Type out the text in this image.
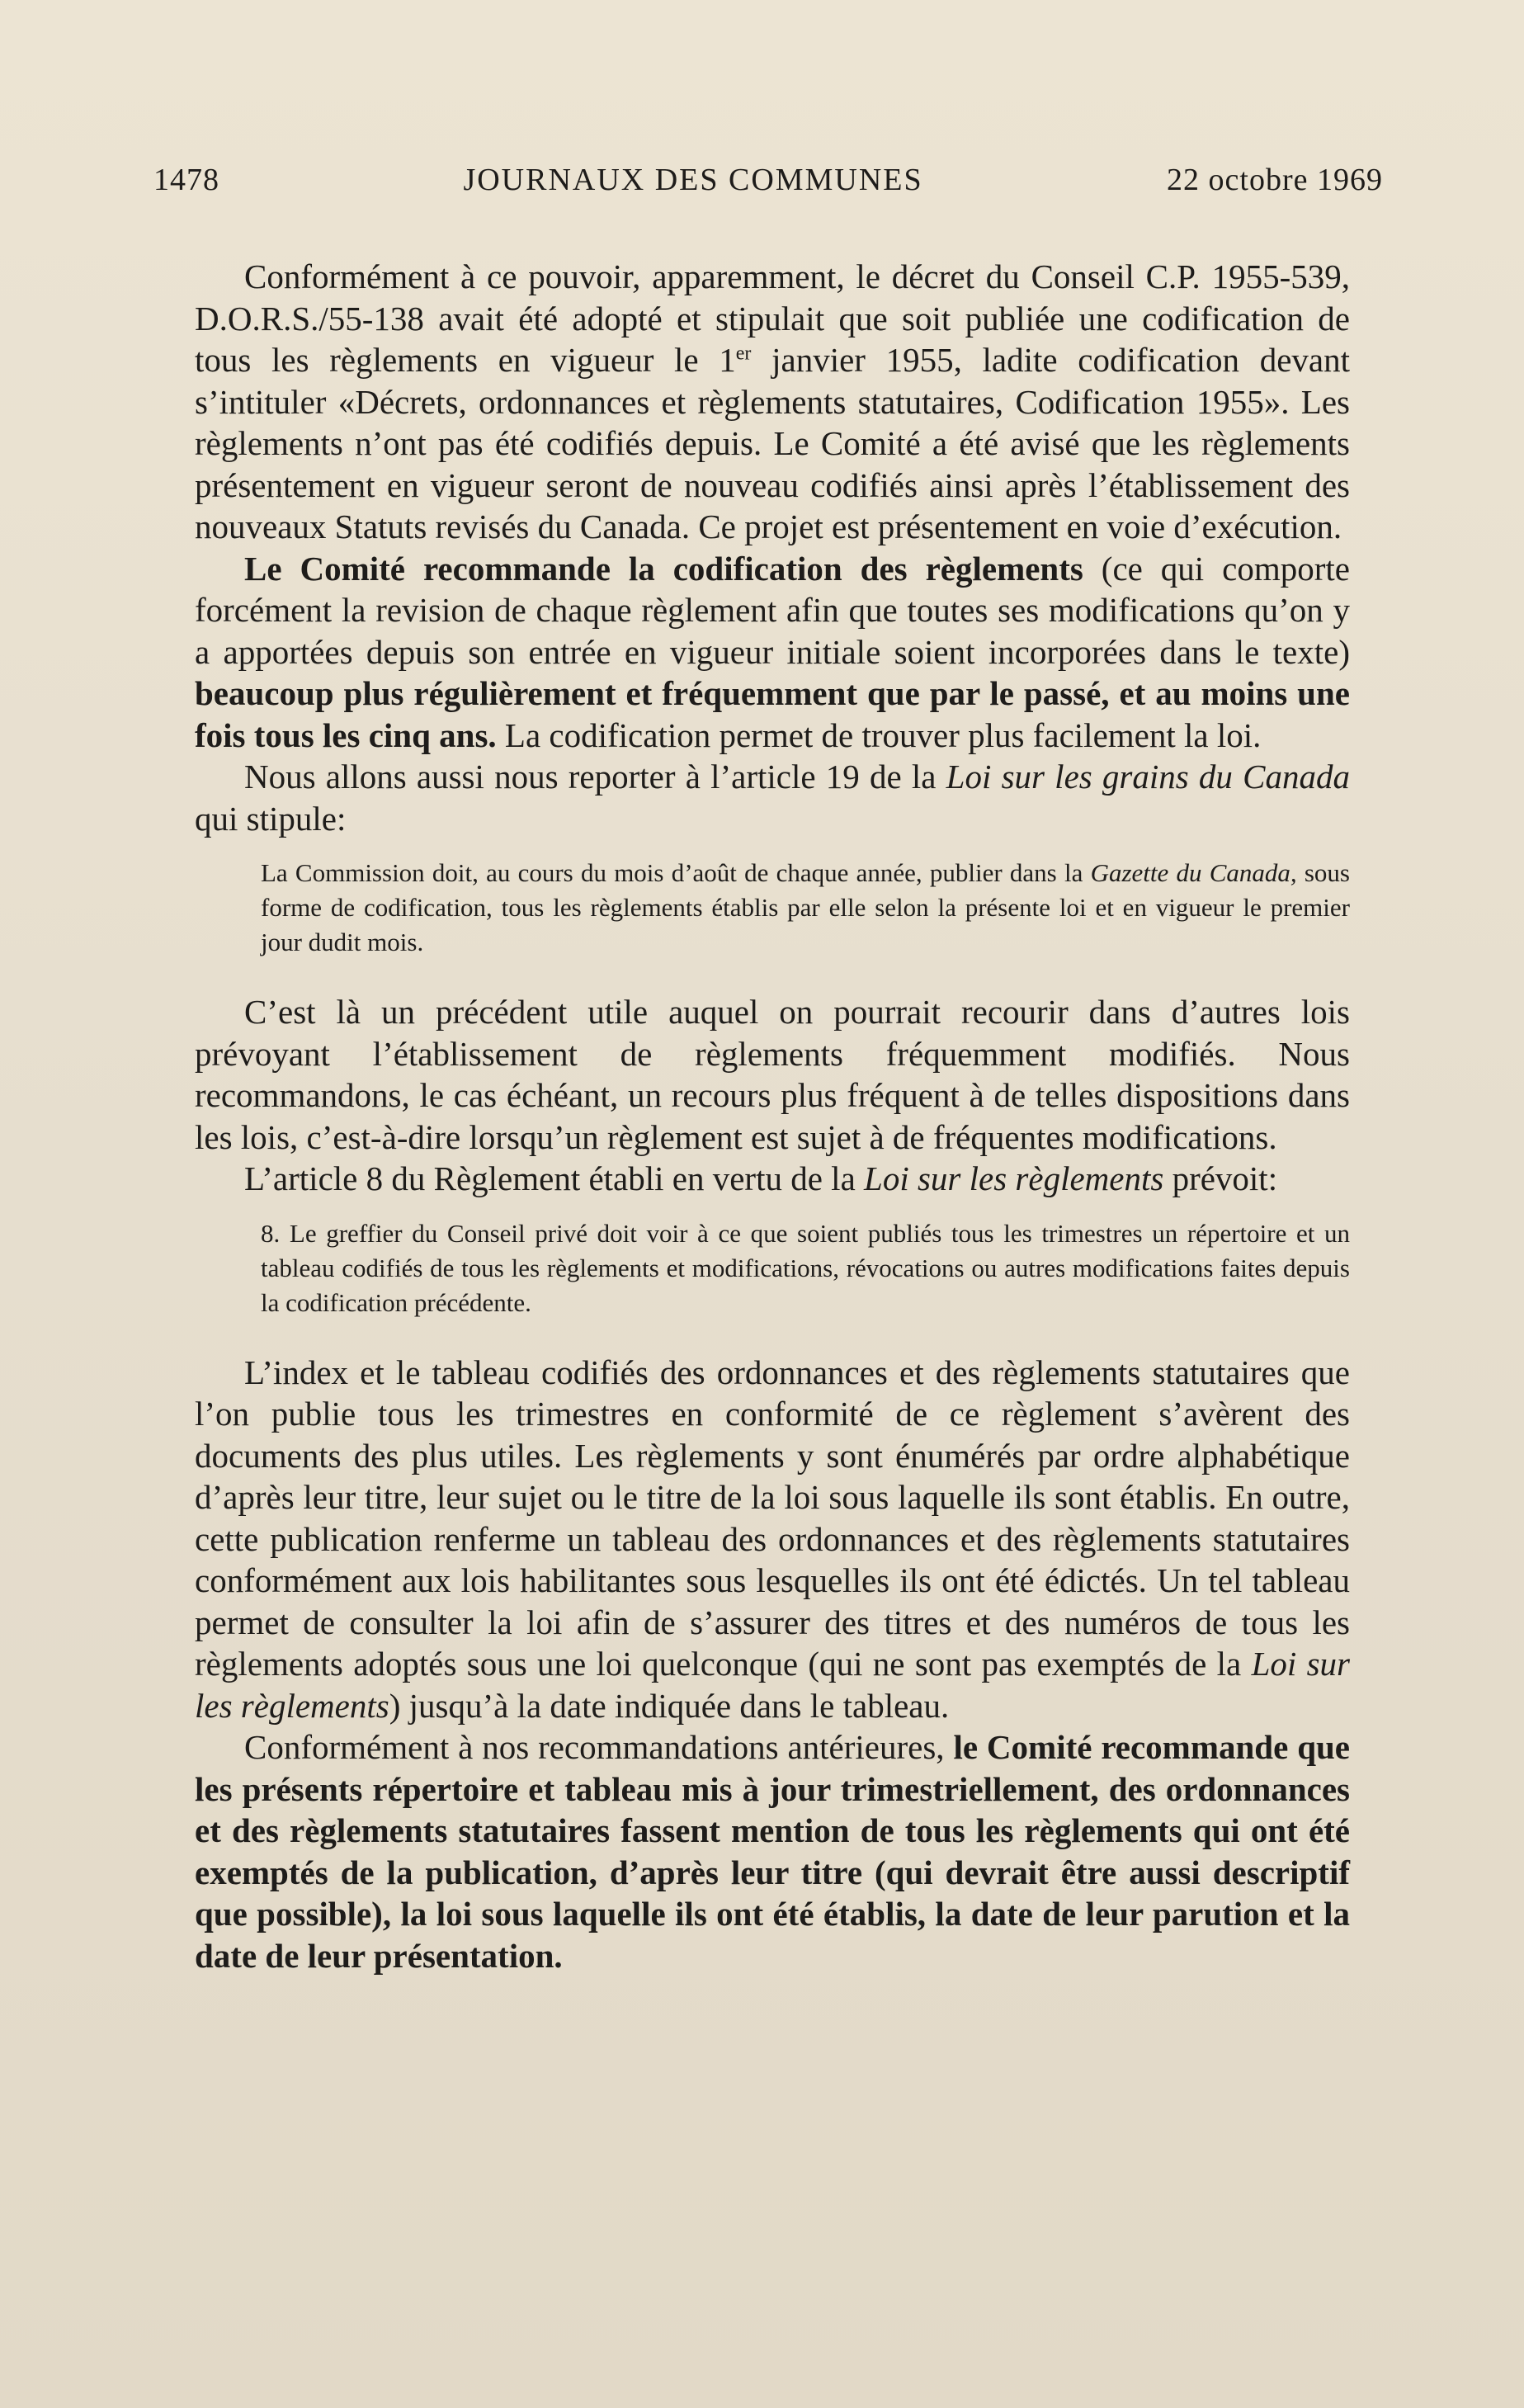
1478	JOURNAUX DES COMMUNES	22 octobre 1969

Conformément à ce pouvoir, apparemment, le décret du Conseil C.P. 1955-539, D.O.R.S./55-138 avait été adopté et stipulait que soit publiée une codification de tous les règlements en vigueur le 1er janvier 1955, ladite codification devant s’intituler «Décrets, ordonnances et règlements statutaires, Codification 1955». Les règlements n’ont pas été codifiés depuis. Le Comité a été avisé que les règlements présentement en vigueur seront de nouveau codifiés ainsi après l’établissement des nouveaux Statuts revisés du Canada. Ce projet est présentement en voie d’exécution.

Le Comité recommande la codification des règlements (ce qui comporte forcément la revision de chaque règlement afin que toutes ses modifications qu’on y a apportées depuis son entrée en vigueur initiale soient incorporées dans le texte) beaucoup plus régulièrement et fréquemment que par le passé, et au moins une fois tous les cinq ans. La codification permet de trouver plus facilement la loi.

Nous allons aussi nous reporter à l’article 19 de la Loi sur les grains du Canada qui stipule:

La Commission doit, au cours du mois d’août de chaque année, publier dans la Gazette du Canada, sous forme de codification, tous les règlements établis par elle selon la présente loi et en vigueur le premier jour dudit mois.

C’est là un précédent utile auquel on pourrait recourir dans d’autres lois prévoyant l’établissement de règlements fréquemment modifiés. Nous recommandons, le cas échéant, un recours plus fréquent à de telles dispositions dans les lois, c’est-à-dire lorsqu’un règlement est sujet à de fréquentes modifications.

L’article 8 du Règlement établi en vertu de la Loi sur les règlements prévoit:

8. Le greffier du Conseil privé doit voir à ce que soient publiés tous les trimestres un répertoire et un tableau codifiés de tous les règlements et modifications, révocations ou autres modifications faites depuis la codification précédente.

L’index et le tableau codifiés des ordonnances et des règlements statutaires que l’on publie tous les trimestres en conformité de ce règlement s’avèrent des documents des plus utiles. Les règlements y sont énumérés par ordre alphabétique d’après leur titre, leur sujet ou le titre de la loi sous laquelle ils sont établis. En outre, cette publication renferme un tableau des ordonnances et des règlements statutaires conformément aux lois habilitantes sous lesquelles ils ont été édictés. Un tel tableau permet de consulter la loi afin de s’assurer des titres et des numéros de tous les règlements adoptés sous une loi quelconque (qui ne sont pas exemptés de la Loi sur les règlements) jusqu’à la date indiquée dans le tableau.

Conformément à nos recommandations antérieures, le Comité recommande que les présents répertoire et tableau mis à jour trimestriellement, des ordonnances et des règlements statutaires fassent mention de tous les règlements qui ont été exemptés de la publication, d’après leur titre (qui devrait être aussi descriptif que possible), la loi sous laquelle ils ont été établis, la date de leur parution et la date de leur présentation.
